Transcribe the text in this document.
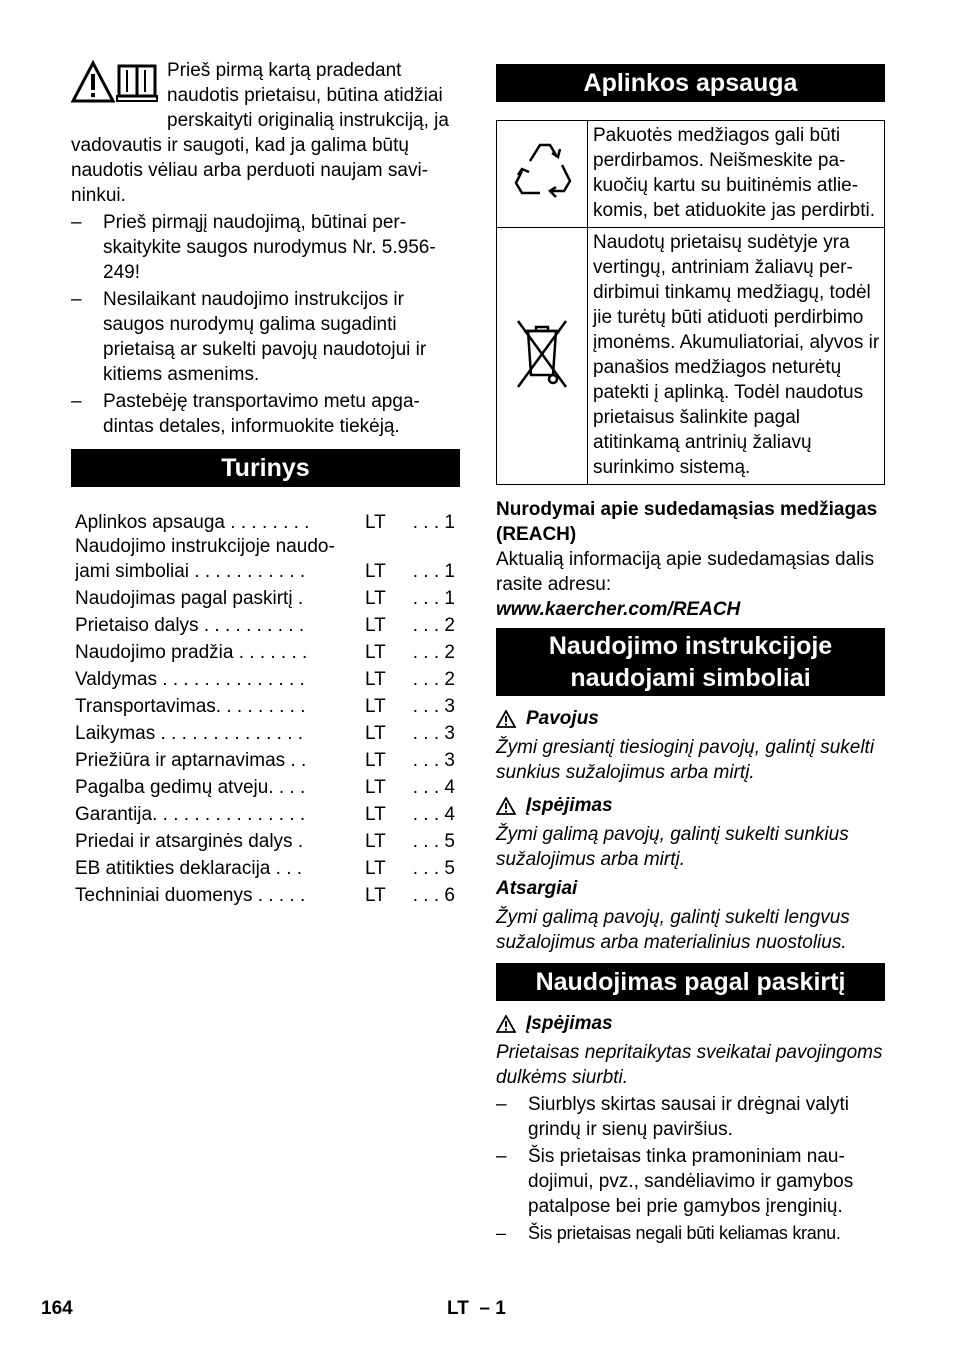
Prieš pirmą kartą pradedant naudotis prietaisu, būtina atidžiai perskaityti originalią instrukciją, ja vadovautis ir saugoti, kad ja galima būtų naudotis vėliau arba perduoti naujam savininkui.

– Prieš pirmąjį naudojimą, būtinai perskaitykite saugos nurodymus Nr. 5.956-249!
– Nesilaikant naudojimo instrukcijos ir saugos nurodymų galima sugadinti prietaisą ar sukelti pavojų naudotojui ir kitiems asmenims.
– Pastebėję transportavimo metu apgadintas detales, informuokite tiekėją.
Turinys
Aplinkos apsauga . . . . . . . .	LT	. . . 1
Naudojimo instrukcijoje naudo-
jami simboliai . . . . . . . . . . .	LT	. . . 1
Naudojimas pagal paskirtį .	LT	. . . 1
Prietaiso dalys . . . . . . . . . .	LT	. . . 2
Naudojimo pradžia . . . . . . .	LT	. . . 2
Valdymas . . . . . . . . . . . . . .	LT	. . . 2
Transportavimas. . . . . . . . .	LT	. . . 3
Laikymas . . . . . . . . . . . . . .	LT	. . . 3
Priežiūra ir aptarnavimas . .	LT	. . . 3
Pagalba gedimų atveju. . . .	LT	. . . 4
Garantija. . . . . . . . . . . . . . .	LT	. . . 4
Priedai ir atsarginės dalys .	LT	. . . 5
EB atitikties deklaracija . . .	LT	. . . 5
Techniniai duomenys . . . . .	LT	. . . 6
Aplinkos apsauga
	Pakuotės medžiagos gali būti perdirbamos. Neišmeskite pakuočių kartu su buitinėmis atliekomis, bet atiduokite jas perdirbti.
	Naudotų prietaisų sudėtyje yra vertingų, antriniam žaliavų perdirbimui tinkamų medžiagų, todėl jie turėtų būti atiduoti perdirbimo įmonėms. Akumuliatoriai, alyvos ir panašios medžiagos neturėtų patekti į aplinką. Todėl naudotus prietaisus šalinkite pagal atitinkamą antrinių žaliavų surinkimo sistemą.

Nurodymai apie sudedamąsias medžiagas (REACH)

Aktualią informaciją apie sudedamąsias dalis rasite adresu:

www.kaercher.com/REACH

Naudojimo instrukcijoje
naudojami simboliai
Pavojus

Žymi gresiantį tiesioginį pavojų, galintį sukelti sunkius sužalojimus arba mirtį.

Įspėjimas

Žymi galimą pavojų, galintį sukelti sunkius sužalojimus arba mirtį.

Atsargiai

Žymi galimą pavojų, galintį sukelti lengvus sužalojimus arba materialinius nuostolius.

Naudojimas pagal paskirtį
Įspėjimas

Prietaisas nepritaikytas sveikatai pavojingoms dulkėms siurbti.

– Siurblys skirtas sausai ir drėgnai valyti grindų ir sienų paviršius.
– Šis prietaisas tinka pramoniniam naudojimui, pvz., sandėliavimo ir gamybos patalpose bei prie gamybos įrenginių.
– Šis prietaisas negali būti keliamas kranu.
164	LT  – 1
